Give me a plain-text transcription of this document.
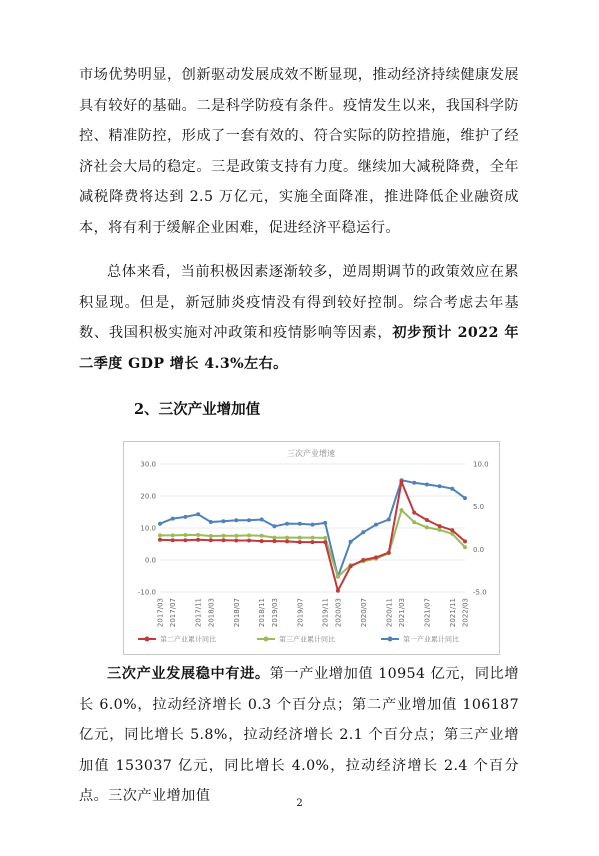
市场优势明显，创新驱动发展成效不断显现，推动经济持续健康发展具有较好的基础。二是科学防疫有条件。疫情发生以来，我国科学防控、精准防控，形成了一套有效的、符合实际的防控措施，维护了经济社会大局的稳定。三是政策支持有力度。继续加大减税降费，全年减税降费将达到 2.5 万亿元，实施全面降准，推进降低企业融资成本，将有利于缓解企业困难，促进经济平稳运行。

总体来看，当前积极因素逐渐较多，逆周期调节的政策效应在累积显现。但是，新冠肺炎疫情没有得到较好控制。综合考虑去年基数、我国积极实施对冲政策和疫情影响等因素，初步预计 2022 年二季度 GDP 增长 4.3%左右。

2、三次产业增加值

三次产业增速
30.0
20.0
10.0
0.0
-10.0
10.0
5.0
0.0
-5.0
2017/03 2017/07 2017/11 2018/03 2018/07 2018/11 2019/03 2019/07 2019/11 2020/03 2020/07 2020/11 2021/03 2021/07 2021/11 2022/03
第二产业累计同比	第三产业累计同比	第一产业累计同比

三次产业发展稳中有进。第一产业增加值 10954 亿元，同比增长 6.0%，拉动经济增长 0.3 个百分点；第二产业增加值 106187 亿元，同比增长 5.8%，拉动经济增长 2.1 个百分点；第三产业增加值 153037 亿元，同比增长 4.0%，拉动经济增长 2.4 个百分点。三次产业增加值	2
